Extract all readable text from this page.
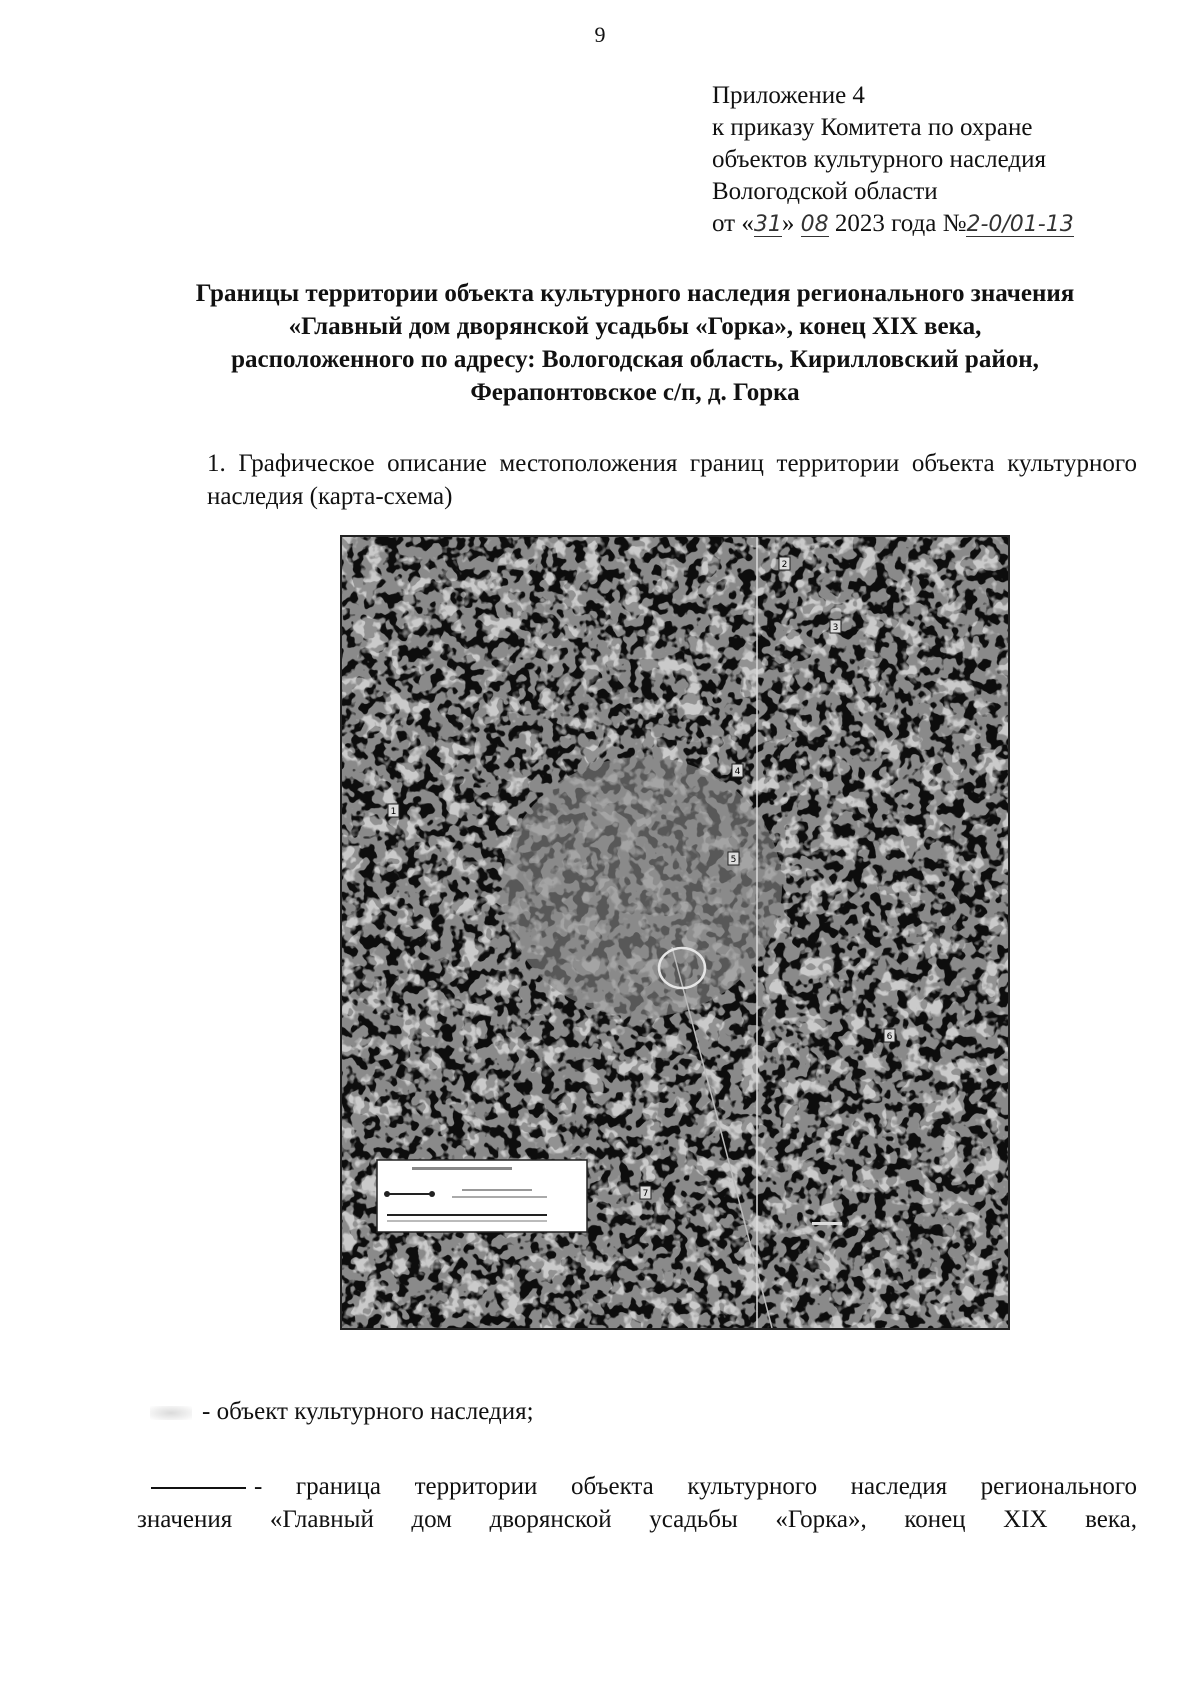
9
Приложение 4
к приказу Комитета по охране
объектов культурного наследия
Вологодской области
от «31» 08 2023 года №2-0/01-13
Границы территории объекта культурного наследия регионального значения
«Главный дом дворянской усадьбы «Горка», конец XIX века,
расположенного по адресу: Вологодская область, Кирилловский район,
Ферапонтовское с/п, д. Горка
1. Графическое описание местоположения границ территории объекта культурного наследия (карта-схема)
1
2
3
4
5
6
7
- объект культурного наследия;
- граница территории объекта культурного наследия регионального
значения «Главный дом дворянской усадьбы «Горка», конец XIX века,
